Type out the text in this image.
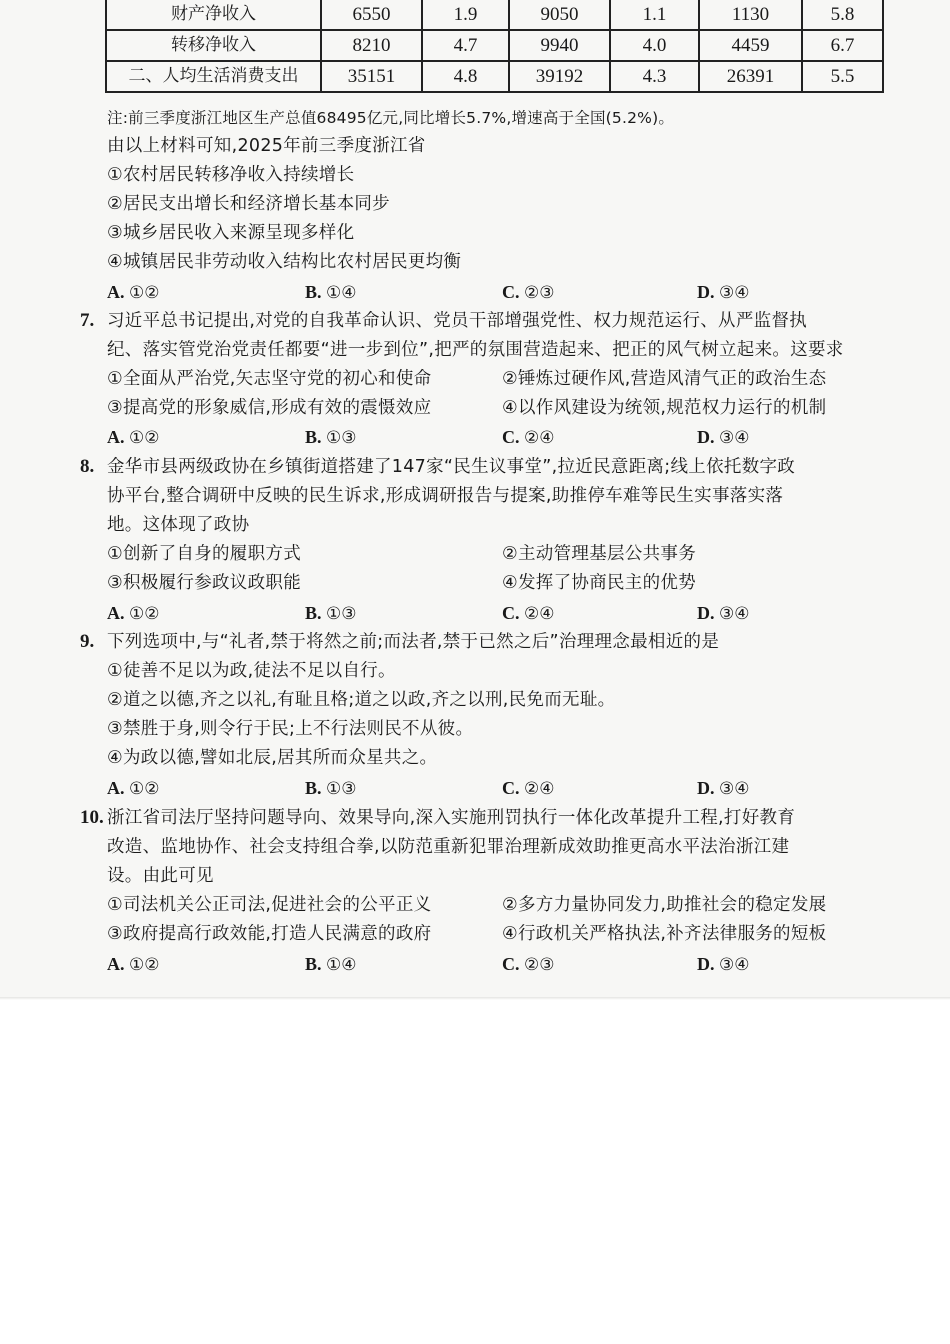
财产净收入	6550	1.9	9050	1.1	1130	5.8
转移净收入	8210	4.7	9940	4.0	4459	6.7
二、人均生活消费支出	35151	4.8	39192	4.3	26391	5.5
注:前三季度浙江地区生产总值68495亿元,同比增长5.7%,增速高于全国(5.2%)。
由以上材料可知,2025年前三季度浙江省
①农村居民转移净收入持续增长
②居民支出增长和经济增长基本同步
③城乡居民收入来源呈现多样化
④城镇居民非劳动收入结构比农村居民更均衡
A. ①②	B. ①④	C. ②③	D. ③④
7. 习近平总书记提出,对党的自我革命认识、党员干部增强党性、权力规范运行、从严监督执
纪、落实管党治党责任都要“进一步到位”,把严的氛围营造起来、把正的风气树立起来。这要求
①全面从严治党,矢志坚守党的初心和使命	②锤炼过硬作风,营造风清气正的政治生态
③提高党的形象威信,形成有效的震慑效应	④以作风建设为统领,规范权力运行的机制
A. ①②	B. ①③	C. ②④	D. ③④
8. 金华市县两级政协在乡镇街道搭建了147家“民生议事堂”,拉近民意距离;线上依托数字政
协平台,整合调研中反映的民生诉求,形成调研报告与提案,助推停车难等民生实事落实落
地。这体现了政协
①创新了自身的履职方式	②主动管理基层公共事务
③积极履行参政议政职能	④发挥了协商民主的优势
A. ①②	B. ①③	C. ②④	D. ③④
9. 下列选项中,与“礼者,禁于将然之前;而法者,禁于已然之后”治理理念最相近的是
①徒善不足以为政,徒法不足以自行。
②道之以德,齐之以礼,有耻且格;道之以政,齐之以刑,民免而无耻。
③禁胜于身,则令行于民;上不行法则民不从彼。
④为政以德,譬如北辰,居其所而众星共之。
A. ①②	B. ①③	C. ②④	D. ③④
10. 浙江省司法厅坚持问题导向、效果导向,深入实施刑罚执行一体化改革提升工程,打好教育
改造、监地协作、社会支持组合拳,以防范重新犯罪治理新成效助推更高水平法治浙江建
设。由此可见
①司法机关公正司法,促进社会的公平正义	②多方力量协同发力,助推社会的稳定发展
③政府提高行政效能,打造人民满意的政府	④行政机关严格执法,补齐法律服务的短板
A. ①②	B. ①④	C. ②③	D. ③④
